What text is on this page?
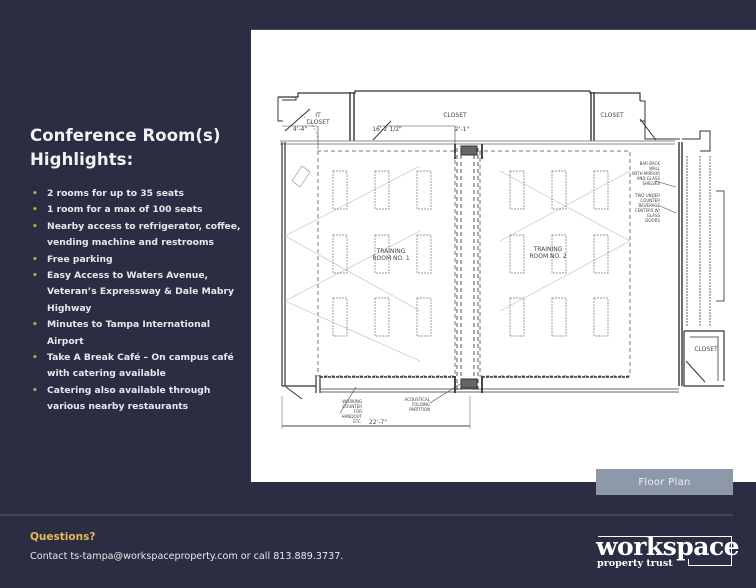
Conference Room(s)
Highlights:
• 2 rooms for up to 35 seats
• 1 room for a max of 100 seats
• Nearby access to refrigerator, coffee, vending machine and restrooms
• Free parking
• Easy Access to Waters Avenue, Veteran’s Expressway & Dale Mabry Highway
• Minutes to Tampa International Airport
• Take A Break Café – On campus café with catering available
• Catering also available through various nearby restaurants
IT
CLOSET
CLOSET	CLOSET
CLOSET
4'-4"	16'-2 1/2"	2'-1"
22'-7"
TRAINING
ROOM NO. 1
TRAINING
ROOM NO. 2
BAR BACK
WALL
WITH MIRROR
AND GLASS
SHELVES
TWO UNDER
COUNTER
BEVERAGE
CENTERS W/
GLASS
DOORS
WORKING
COUNTER
FOR
HANDOUT
ETC.
ACOUSTICAL
FOLDING
PARTITION
Floor Plan
Questions?
Contact ts-tampa@workspaceproperty.com or call 813.889.3737.	workspace
property trust
